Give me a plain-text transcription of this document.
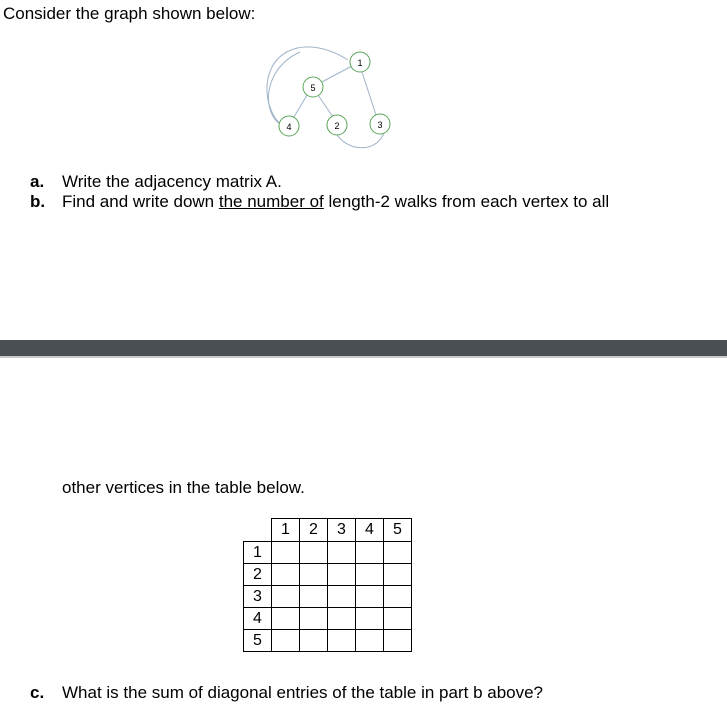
Consider the graph shown below:
1
5
4	2	3
a.	Write the adjacency matrix A.
b. Find and write down the number of length-2 walks from each vertex to all
other vertices in the table below.
	1	2	3	4	5
1					
2					
3					
4					
5					
c. What is the sum of diagonal entries of the table in part b above?
